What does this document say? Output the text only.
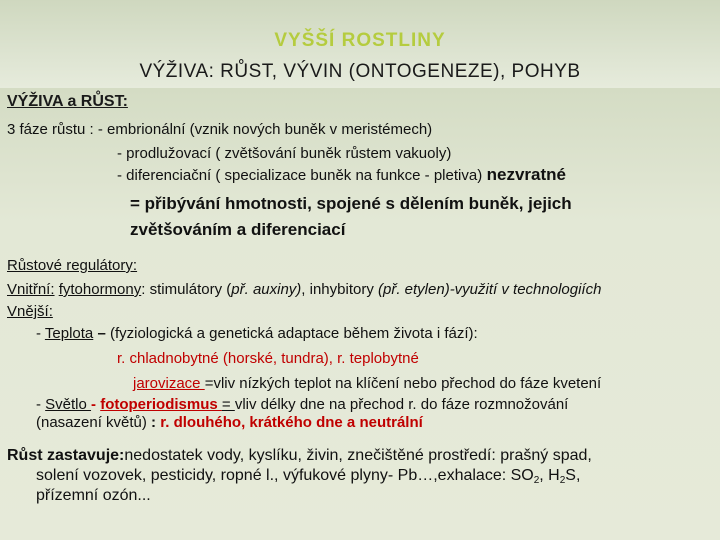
VYŠŠÍ ROSTLINY
VÝŽIVA: RŮST, VÝVIN (ONTOGENEZE), POHYB
VÝŽIVA a RŮST:
3 fáze růstu : - embrionální (vznik nových buněk v meristémech)
- prodlužovací ( zvětšování buněk růstem vakuoly)
- diferenciační ( specializace buněk na funkce - pletiva) nezvratné
= přibývání hmotnosti, spojené s dělením buněk, jejich
zvětšováním a diferenciací
Růstové regulátory:
Vnitřní: fytohormony: stimulátory (př. auxiny), inhybitory (př. etylen)-využití v technologiích
Vnější:
- Teplota – (fyziologická a genetická adaptace během života i fází):
r. chladnobytné (horské, tundra), r. teplobytné
jarovizace =vliv nízkých teplot na klíčení nebo přechod do fáze kvetení
- Světlo - fotoperiodismus = vliv délky dne na přechod r. do fáze rozmnožování
(nasazení květů) : r. dlouhého, krátkého dne a neutrální
Růst zastavuje:nedostatek vody, kyslíku, živin, znečištěné prostředí: prašný spad,
solení vozovek, pesticidy, ropné l., výfukové plyny- Pb…,exhalace: $SO_2$, $H_2S$,
přízemní ozón...
